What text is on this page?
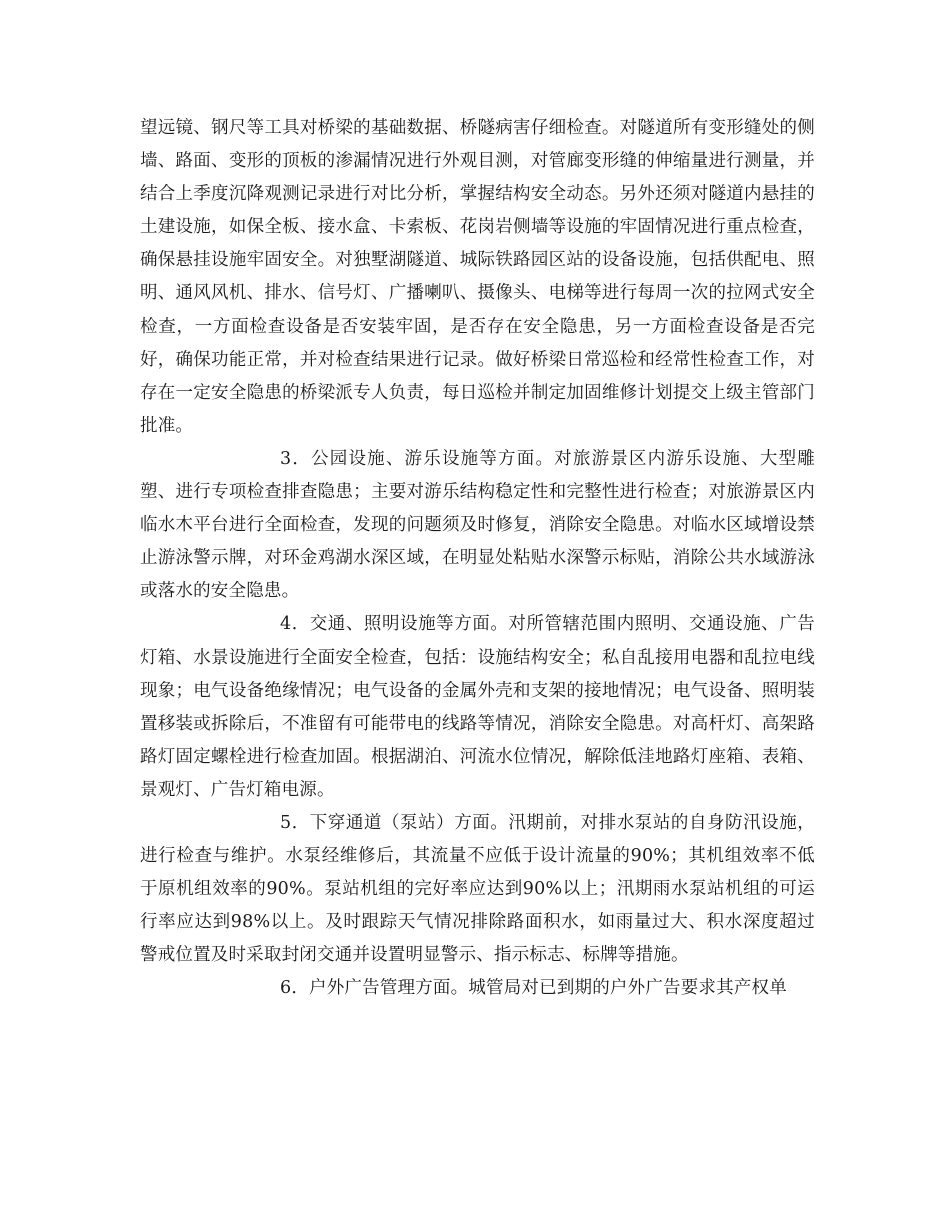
望远镜、钢尺等工具对桥梁的基础数据、桥隧病害仔细检查。对隧道所有变形缝处的侧墙、路面、变形的顶板的渗漏情况进行外观目测，对管廊变形缝的伸缩量进行测量，并结合上季度沉降观测记录进行对比分析，掌握结构安全动态。另外还须对隧道内悬挂的土建设施，如保全板、接水盒、卡索板、花岗岩侧墙等设施的牢固情况进行重点检查，确保悬挂设施牢固安全。对独墅湖隧道、城际铁路园区站的设备设施，包括供配电、照明、通风风机、排水、信号灯、广播喇叭、摄像头、电梯等进行每周一次的拉网式安全检查，一方面检查设备是否安装牢固，是否存在安全隐患，另一方面检查设备是否完好，确保功能正常，并对检查结果进行记录。做好桥梁日常巡检和经常性检查工作，对存在一定安全隐患的桥梁派专人负责，每日巡检并制定加固维修计划提交上级主管部门批准。

3．公园设施、游乐设施等方面。对旅游景区内游乐设施、大型雕塑、进行专项检查排查隐患；主要对游乐结构稳定性和完整性进行检查；对旅游景区内临水木平台进行全面检查，发现的问题须及时修复，消除安全隐患。对临水区域增设禁止游泳警示牌，对环金鸡湖水深区域，在明显处粘贴水深警示标贴，消除公共水域游泳或落水的安全隐患。

4．交通、照明设施等方面。对所管辖范围内照明、交通设施、广告灯箱、水景设施进行全面安全检查，包括：设施结构安全；私自乱接用电器和乱拉电线现象；电气设备绝缘情况；电气设备的金属外壳和支架的接地情况；电气设备、照明装置移装或拆除后，不准留有可能带电的线路等情况，消除安全隐患。对高杆灯、高架路路灯固定螺栓进行检查加固。根据湖泊、河流水位情况，解除低洼地路灯座箱、表箱、景观灯、广告灯箱电源。

5．下穿通道（泵站）方面。汛期前，对排水泵站的自身防汛设施，进行检查与维护。水泵经维修后，其流量不应低于设计流量的90%；其机组效率不低于原机组效率的90%。泵站机组的完好率应达到90%以上；汛期雨水泵站机组的可运行率应达到98%以上。及时跟踪天气情况排除路面积水，如雨量过大、积水深度超过警戒位置及时采取封闭交通并设置明显警示、指示标志、标牌等措施。

6．户外广告管理方面。城管局对已到期的户外广告要求其产权单
